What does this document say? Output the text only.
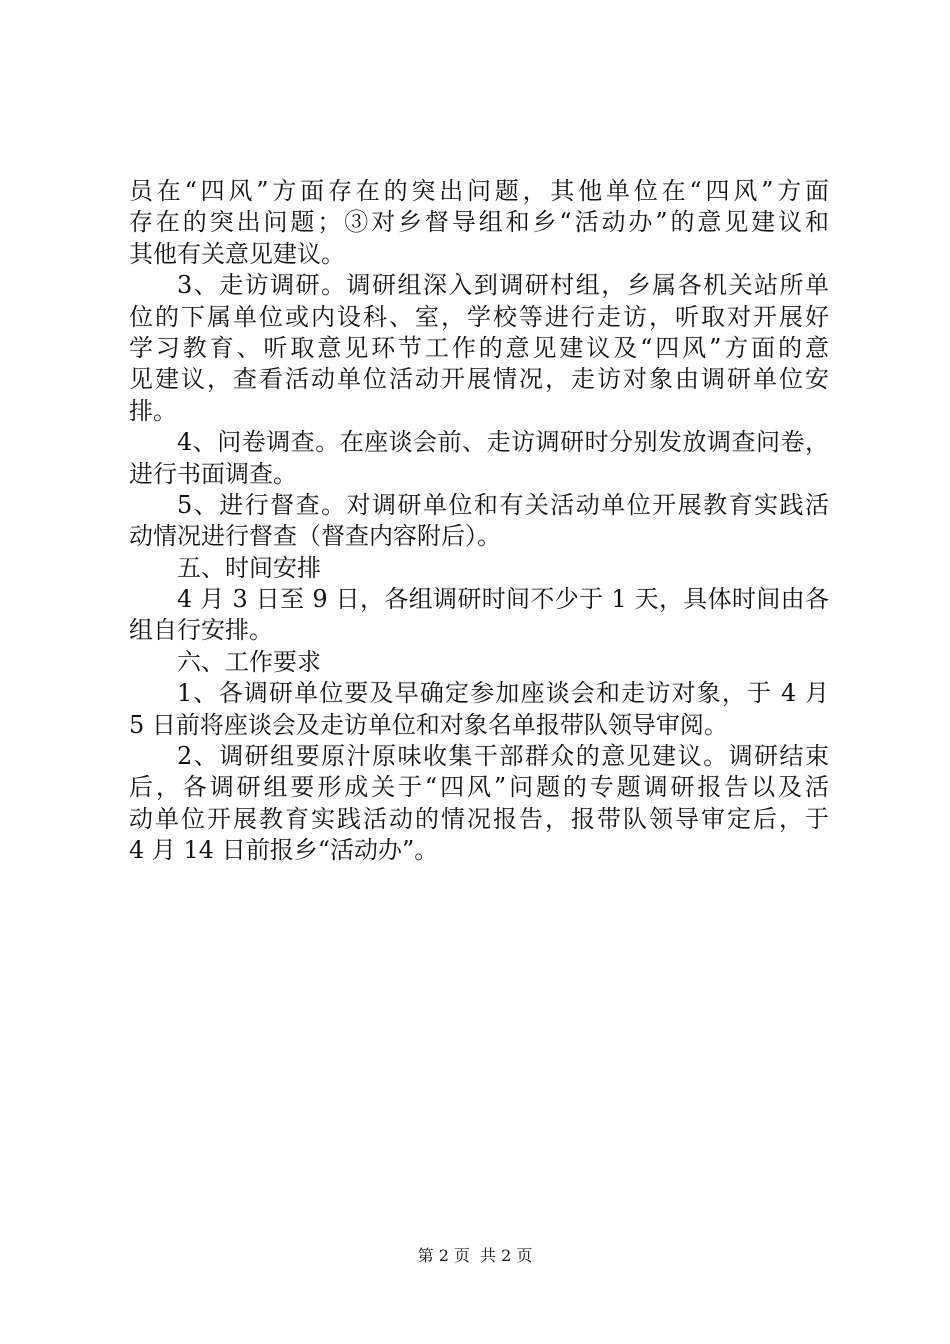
员在“四风”方面存在的突出问题，其他单位在“四风”方面
存在的突出问题；③对乡督导组和乡“活动办”的意见建议和
其他有关意见建议。
3、走访调研。调研组深入到调研村组，乡属各机关站所单
位的下属单位或内设科、室，学校等进行走访，听取对开展好
学习教育、听取意见环节工作的意见建议及“四风”方面的意
见建议，查看活动单位活动开展情况，走访对象由调研单位安
排。
4、问卷调查。在座谈会前、走访调研时分别发放调查问卷，
进行书面调查。
5、进行督查。对调研单位和有关活动单位开展教育实践活
动情况进行督查（督查内容附后）。
五、时间安排
4 月 3 日至 9 日，各组调研时间不少于 1 天，具体时间由各
组自行安排。
六、工作要求
1、各调研单位要及早确定参加座谈会和走访对象，于 4 月
5 日前将座谈会及走访单位和对象名单报带队领导审阅。
2、调研组要原汁原味收集干部群众的意见建议。调研结束
后，各调研组要形成关于“四风”问题的专题调研报告以及活
动单位开展教育实践活动的情况报告，报带队领导审定后，于
4 月 14 日前报乡“活动办”。
第 2 页 共 2 页
